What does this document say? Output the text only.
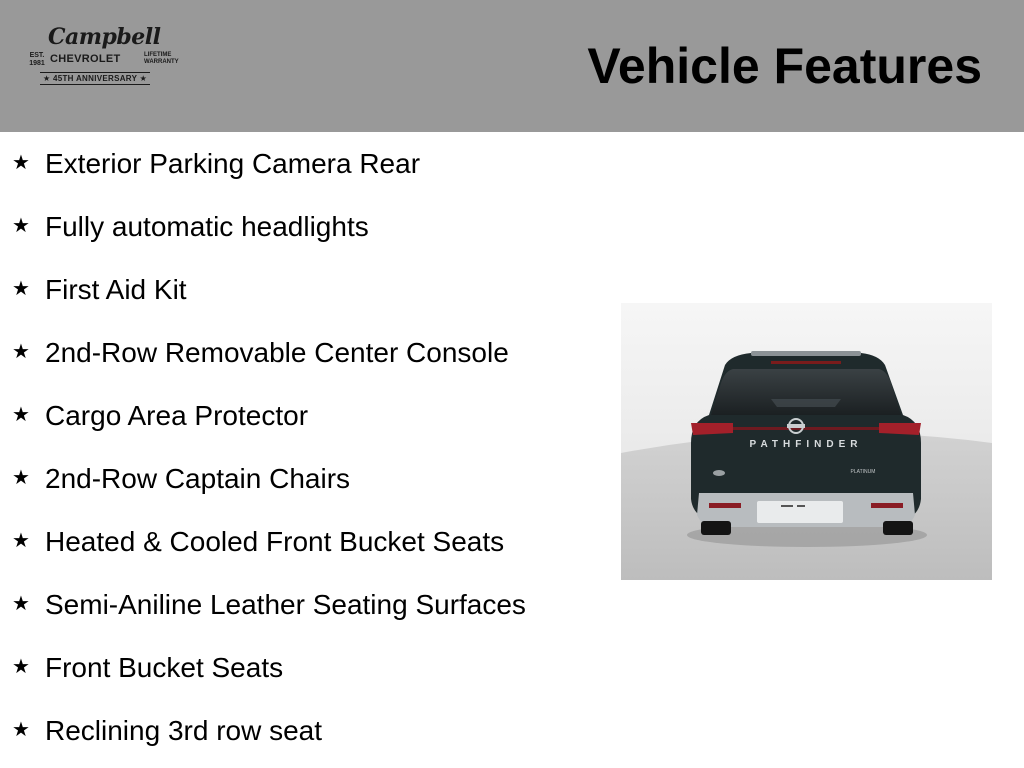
Campbell
EST. 1981 CHEVROLET	LIFETIME WARRANTY
★ 45TH ANNIVERSARY ★	Vehicle Features
★ Exterior Parking Camera Rear
★ Fully automatic headlights
★ First Aid Kit
★ 2nd-Row Removable Center Console
★ Cargo Area Protector
★ 2nd-Row Captain Chairs
★ Heated & Cooled Front Bucket Seats
★ Semi-Aniline Leather Seating Surfaces
★ Front Bucket Seats
★ Reclining 3rd row seat
PATHFINDER
PLATINUM
